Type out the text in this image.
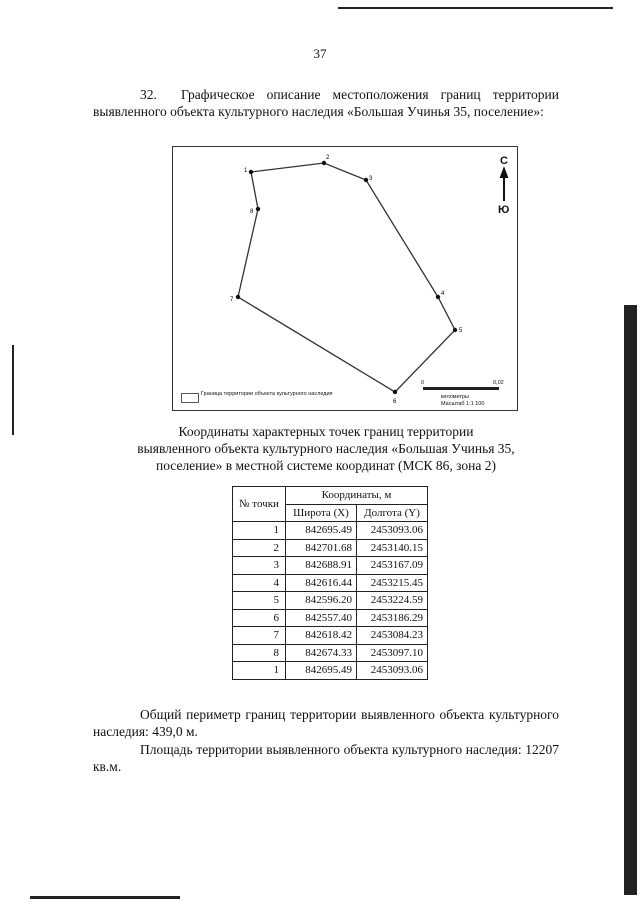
37

32. Графическое описание местоположения границ территории выявленного объекта культурного наследия «Большая Учинья 35, поселение»:

1
2
3
4
5
6
7
8
С
Ю
Граница территории объекта культурного наследия
0	0,02
километры
Масштаб 1:1 100
Координаты характерных точек границ территории
выявленного объекта культурного наследия «Большая Учинья 35,
поселение» в местной системе координат (МСК 86, зона 2)
№ точки	Координаты, м	
	Широта (X)	Долгота (Y)
1	842695.49	2453093.06
2	842701.68	2453140.15
3	842688.91	2453167.09
4	842616.44	2453215.45
5	842596.20	2453224.59
6	842557.40	2453186.29
7	842618.42	2453084.23
8	842674.33	2453097.10
1	842695.49	2453093.06

Общий периметр границ территории выявленного объекта культурного наследия: 439,0 м.

Площадь территории выявленного объекта культурного наследия: 12207 кв.м.
